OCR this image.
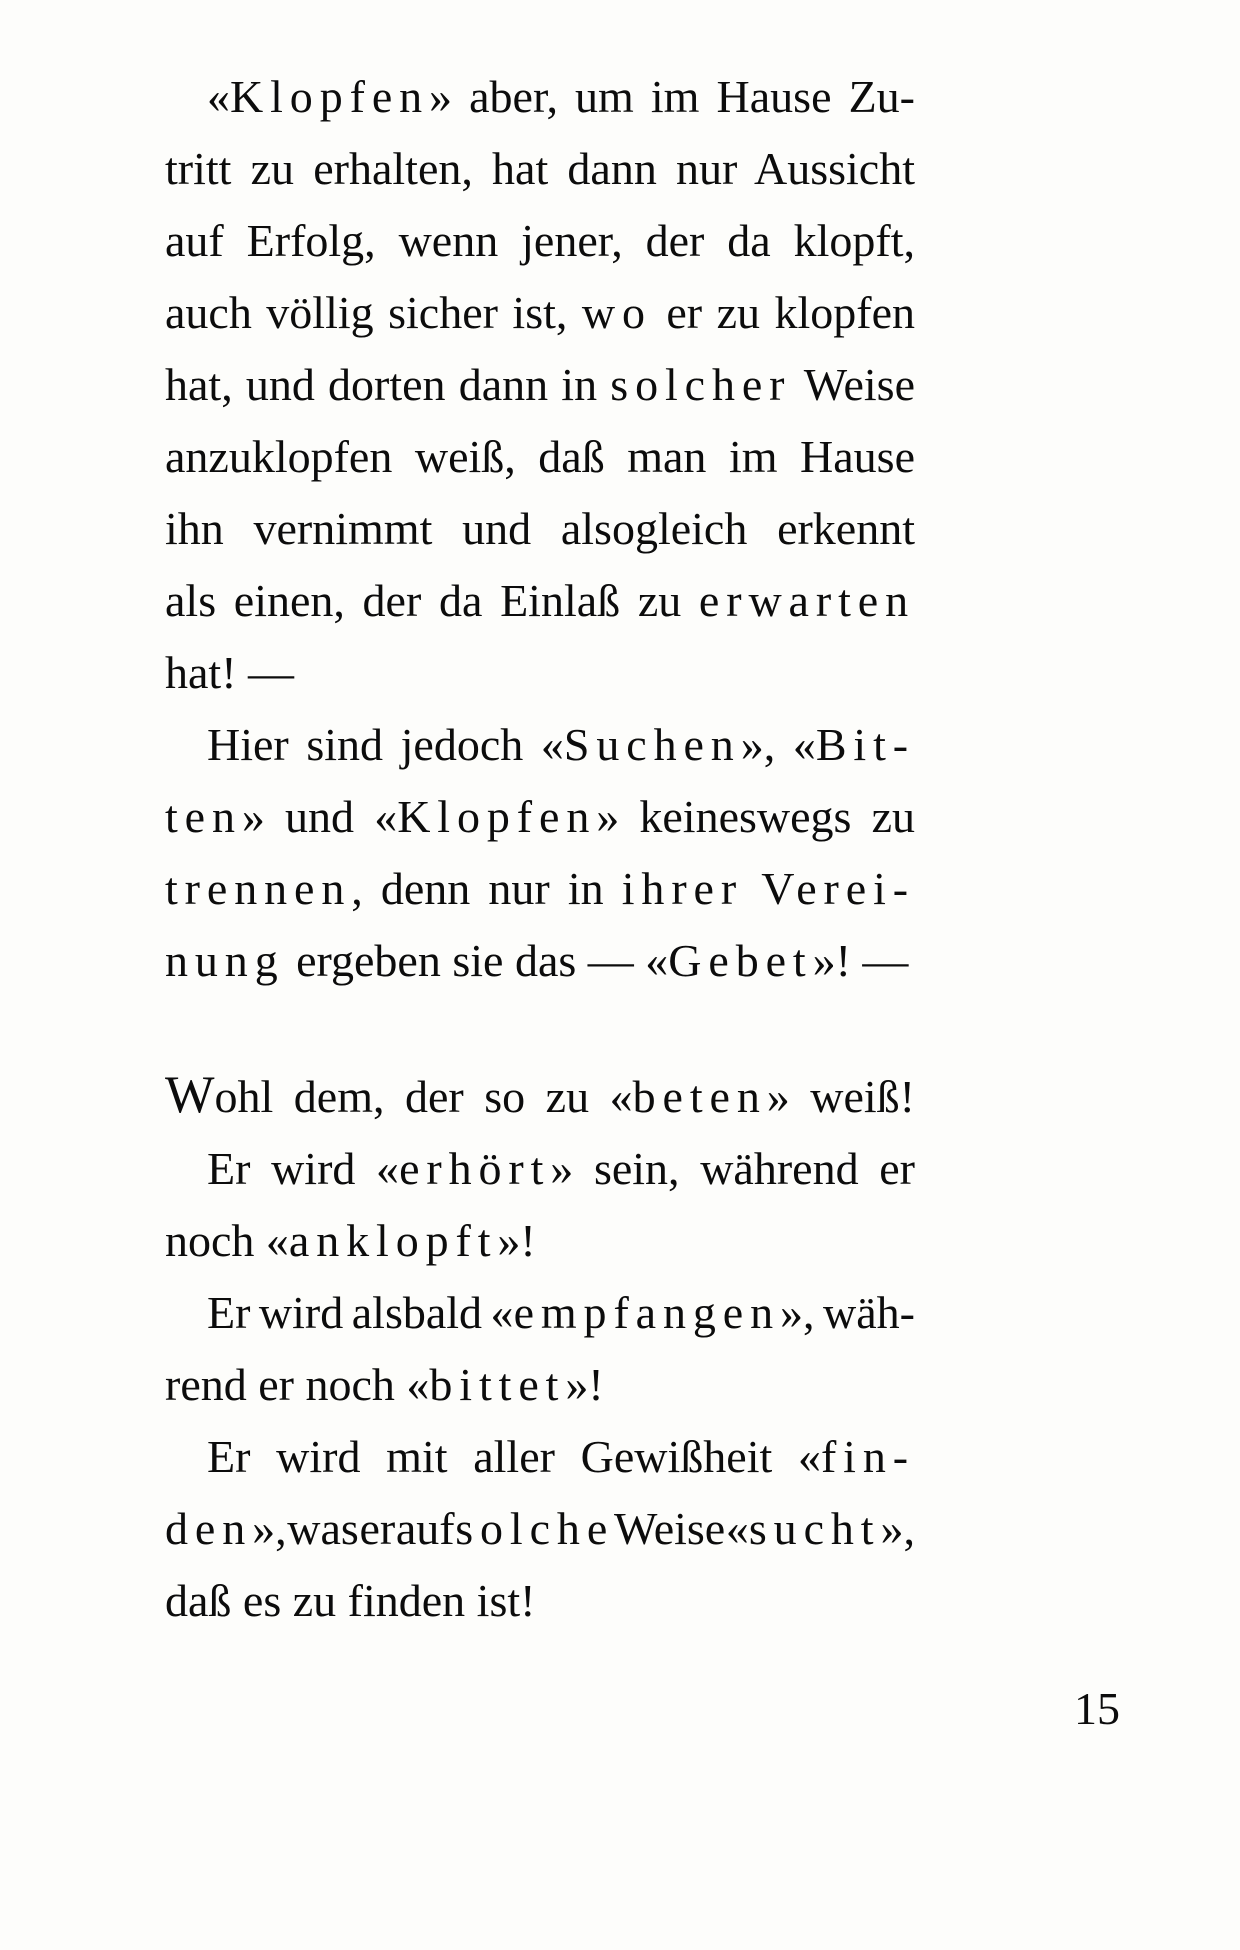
«Klopfen» aber, um im Hause Zu-
tritt zu erhalten, hat dann nur Aussicht
auf Erfolg, wenn jener, der da klopft,
auch völlig sicher ist, wo er zu klopfen
hat, und dorten dann in solcher Weise
anzuklopfen weiß, daß man im Hause
ihn vernimmt und alsogleich erkennt
als einen, der da Einlaß zu erwarten
hat! —
Hier sind jedoch «Suchen», «Bit-
ten» und «Klopfen» keineswegs zu
trennen, denn nur in ihrer Verei-
nung ergeben sie das — «Gebet»! —
Wohl dem, der so zu «beten» weiß!
Er wird «erhört» sein, während er
noch «anklopft»!
Er wird alsbald «empfangen», wäh-
rend er noch «bittet»!
Er wird mit aller Gewißheit «fin-
den», was er auf solche Weise «sucht»,
daß es zu finden ist!
15
